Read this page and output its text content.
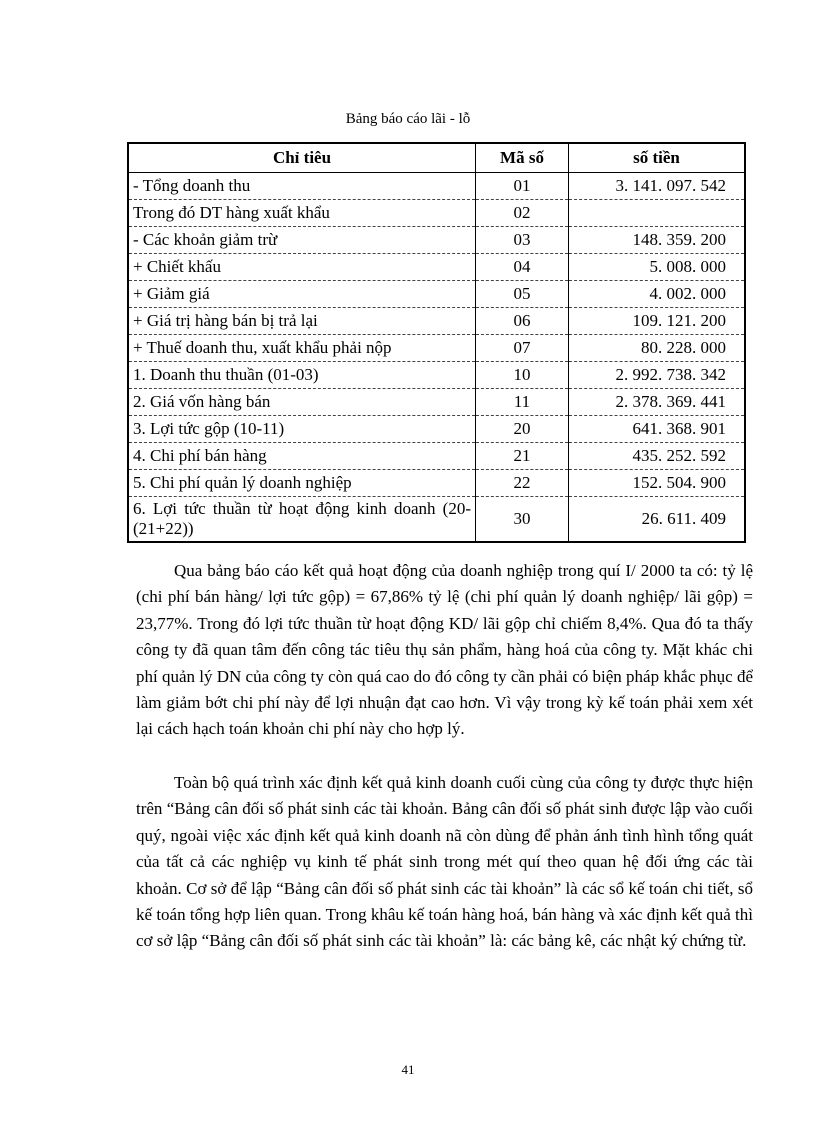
Bảng báo cáo lãi - lỗ
Chỉ tiêu	Mã số	số tiền
- Tổng doanh thu	01	3. 141. 097. 542
Trong đó DT hàng xuất khẩu	02	
- Các khoản giảm trừ	03	148. 359. 200
+ Chiết khấu	04	5. 008. 000
+ Giảm giá	05	4. 002. 000
+ Giá trị hàng bán bị trả lại	06	109. 121. 200
+ Thuế doanh thu, xuất khẩu phải nộp	07	80. 228. 000
1. Doanh thu thuần (01-03)	10	2. 992. 738. 342
2. Giá vốn hàng bán	11	2. 378. 369. 441
3. Lợi tức gộp (10-11)	20	641. 368. 901
4. Chi phí bán hàng	21	435. 252. 592
5. Chi phí quản lý doanh nghiệp	22	152. 504. 900
6. Lợi tức thuần từ hoạt động kinh doanh (20-(21+22))	30	26. 611. 409

Qua bảng báo cáo kết quả hoạt động của doanh nghiệp trong quí I/ 2000 ta có: tỷ lệ (chi phí bán hàng/ lợi tức gộp) = 67,86% tỷ lệ (chi phí quản lý doanh nghiệp/ lãi gộp) = 23,77%. Trong đó lợi tức thuần từ hoạt động KD/ lãi gộp chỉ chiếm 8,4%. Qua đó ta thấy công ty đã quan tâm đến công tác tiêu thụ sản phẩm, hàng hoá của công ty. Mặt khác chi phí quản lý DN của công ty còn quá cao do đó công ty cần phải có biện pháp khắc phục để làm giảm bớt chi phí này để lợi nhuận đạt cao hơn. Vì vậy trong kỳ kế toán phải xem xét lại cách hạch toán khoản chi phí này cho hợp lý.

Toàn bộ quá trình xác định kết quả kinh doanh cuối cùng của công ty được thực hiện trên “Bảng cân đối số phát sinh các tài khoản. Bảng cân đối số phát sinh được lập vào cuối quý, ngoài việc xác định kết quả kinh doanh nã còn dùng để phản ánh tình hình tổng quát của tất cả các nghiệp vụ kinh tế phát sinh trong mét quí theo quan hệ đối ứng các tài khoản. Cơ sở để lập “Bảng cân đối số phát sinh các tài khoản” là các sổ kế toán chi tiết, sổ kế toán tổng hợp liên quan. Trong khâu kế toán hàng hoá, bán hàng và xác định kết quả thì cơ sở lập “Bảng cân đối số phát sinh các tài khoản” là: các bảng kê, các nhật ký chứng từ.

41
